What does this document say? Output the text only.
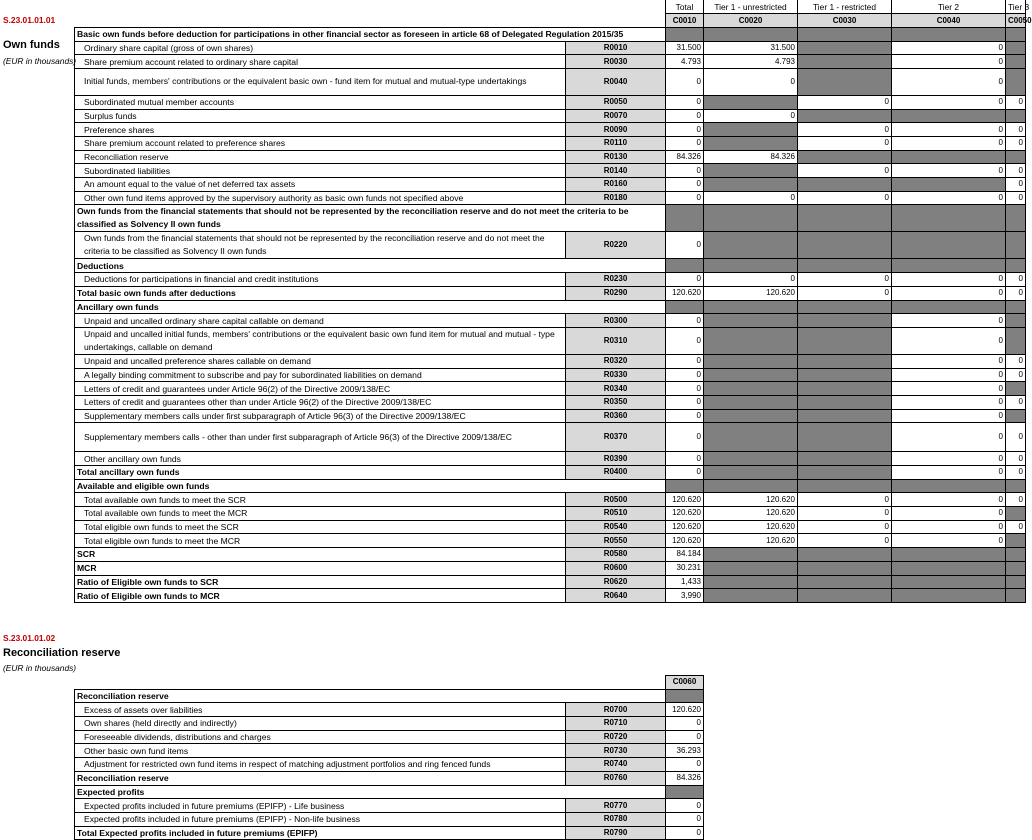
S.23.01.01.01
Own funds
(EUR in thousands)
		Total	Tier 1 - unrestricted	Tier 1 - restricted	Tier 2	Tier 3
		C0010	C0020	C0030	C0040	C0050
Basic own funds before deduction for participations in other financial sector as foreseen in article 68 of Delegated Regulation 2015/35						
Ordinary share capital (gross of own shares)	R0010	31.500	31.500		0	
Share premium account related to ordinary share capital	R0030	4.793	4.793		0	
Initial funds, members' contributions or the equivalent basic own - fund item for mutual and mutual-type undertakings	R0040	0	0		0	
Subordinated mutual member accounts	R0050	0		0	0	0
Surplus funds	R0070	0	0			
Preference shares	R0090	0		0	0	0
Share premium account related to preference shares	R0110	0		0	0	0
Reconciliation reserve	R0130	84.326	84.326			
Subordinated liabilities	R0140	0		0	0	0
An amount equal to the value of net deferred tax assets	R0160	0				0
Other own fund items approved by the supervisory authority as basic own funds not specified above	R0180	0	0	0	0	0
Own funds from the financial statements that should not be represented by the reconciliation reserve and do not meet the criteria to be classified as Solvency II own funds						
Own funds from the financial statements that should not be represented by the reconciliation reserve and do not meet the criteria to be classified as Solvency II own funds	R0220	0				
Deductions						
Deductions for participations in financial and credit institutions	R0230	0	0	0	0	0
Total basic own funds after deductions	R0290	120.620	120.620	0	0	0
Ancillary own funds						
Unpaid and uncalled ordinary share capital callable on demand	R0300	0			0	
Unpaid and uncalled initial funds, members' contributions or the equivalent basic own fund item for mutual and mutual - type undertakings, callable on demand	R0310	0			0	
Unpaid and uncalled preference shares callable on demand	R0320	0			0	0
A legally binding commitment to subscribe and pay for subordinated liabilities on demand	R0330	0			0	0
Letters of credit and guarantees under Article 96(2) of the Directive 2009/138/EC	R0340	0			0	
Letters of credit and guarantees other than under Article 96(2) of the Directive 2009/138/EC	R0350	0			0	0
Supplementary members calls under first subparagraph of Article 96(3) of the Directive 2009/138/EC	R0360	0			0	
Supplementary members calls - other than under first subparagraph of Article 96(3) of the Directive 2009/138/EC	R0370	0			0	0
Other ancillary own funds	R0390	0			0	0
Total ancillary own funds	R0400	0			0	0
Available and eligible own funds						
Total available own funds to meet the SCR	R0500	120.620	120.620	0	0	0
Total available own funds to meet the MCR	R0510	120.620	120.620	0	0	
Total eligible own funds to meet the SCR	R0540	120.620	120.620	0	0	0
Total eligible own funds to meet the MCR	R0550	120.620	120.620	0	0	
SCR	R0580	84.184				
MCR	R0600	30.231				
Ratio of Eligible own funds to SCR	R0620	1,433				
Ratio of Eligible own funds to MCR	R0640	3,990				
S.23.01.01.02
Reconciliation reserve
(EUR in thousands)
		C0060
Reconciliation reserve		
Excess of assets over liabilities	R0700	120.620
Own shares (held directly and indirectly)	R0710	0
Foreseeable dividends, distributions and charges	R0720	0
Other basic own fund items	R0730	36.293
Adjustment for restricted own fund items in respect of matching adjustment portfolios and ring fenced funds	R0740	0
Reconciliation reserve	R0760	84.326
Expected profits		
Expected profits included in future premiums (EPIFP) - Life business	R0770	0
Expected profits included in future premiums (EPIFP) - Non-life business	R0780	0
Total Expected profits included in future premiums (EPIFP)	R0790	0
